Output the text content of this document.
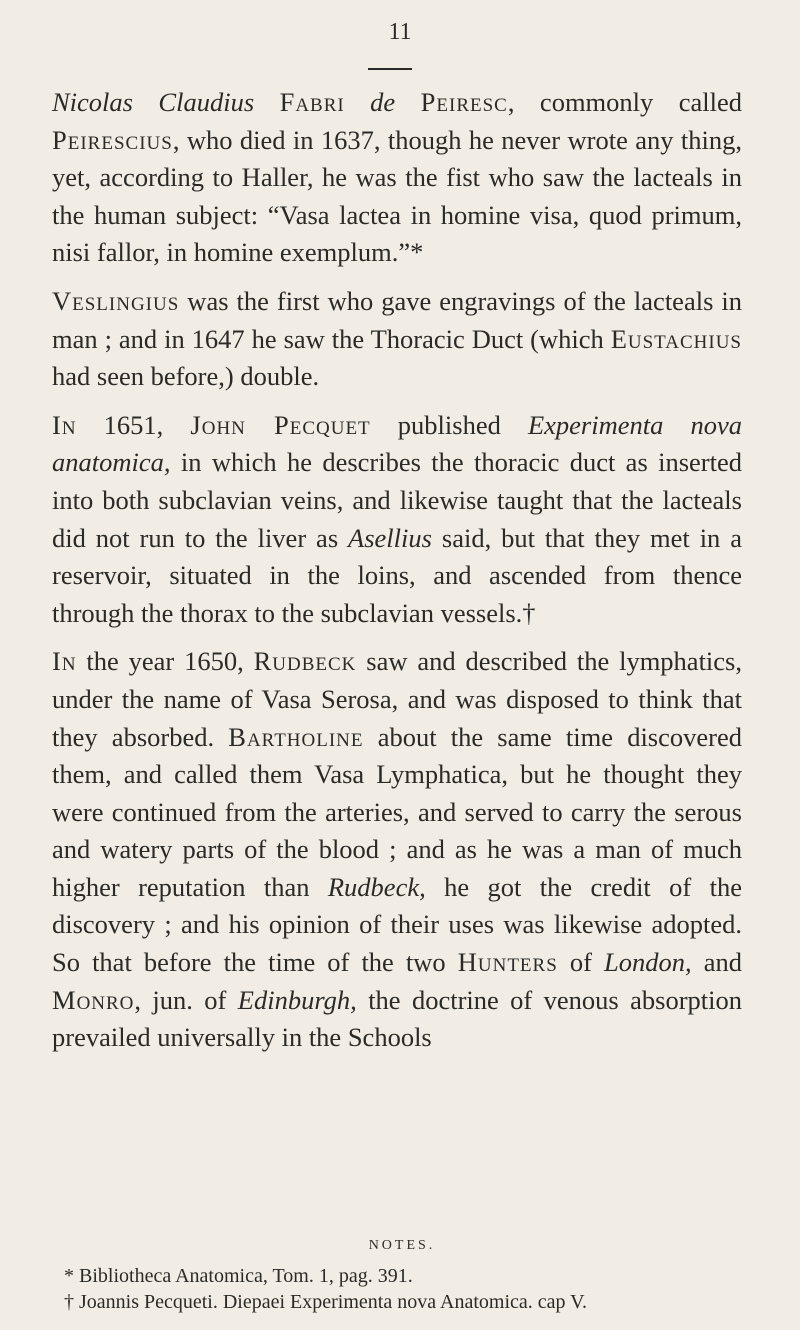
11

Nicolas Claudius Fabri de Peiresc, commonly called Peirescius, who died in 1637, though he never wrote any thing, yet, according to Haller, he was the fist who saw the lacteals in the human subject: “Vasa lactea in homine visa, quod primum, nisi fallor, in homine exemplum.”*

Veslingius was the first who gave engravings of the lacteals in man ; and in 1647 he saw the Thoracic Duct (which Eustachius had seen before,) double.

In 1651, John Pecquet published Experimenta nova anatomica, in which he describes the thoracic duct as inserted into both subclavian veins, and likewise taught that the lacteals did not run to the liver as Asellius said, but that they met in a reservoir, situated in the loins, and ascended from thence through the thorax to the subclavian vessels.†

In the year 1650, Rudbeck saw and described the lymphatics, under the name of Vasa Serosa, and was disposed to think that they absorbed. Bartholine about the same time discovered them, and called them Vasa Lymphatica, but he thought they were continued from the arteries, and served to carry the serous and watery parts of the blood ; and as he was a man of much higher reputation than Rudbeck, he got the credit of the discovery ; and his opinion of their uses was likewise adopted. So that before the time of the two Hunters of London, and Monro, jun. of Edinburgh, the doctrine of venous absorption prevailed universally in the Schools

NOTES.
* Bibliotheca Anatomica, Tom. 1, pag. 391.
† Joannis Pecqueti. Diepaei Experimenta nova Anatomica. cap V.
